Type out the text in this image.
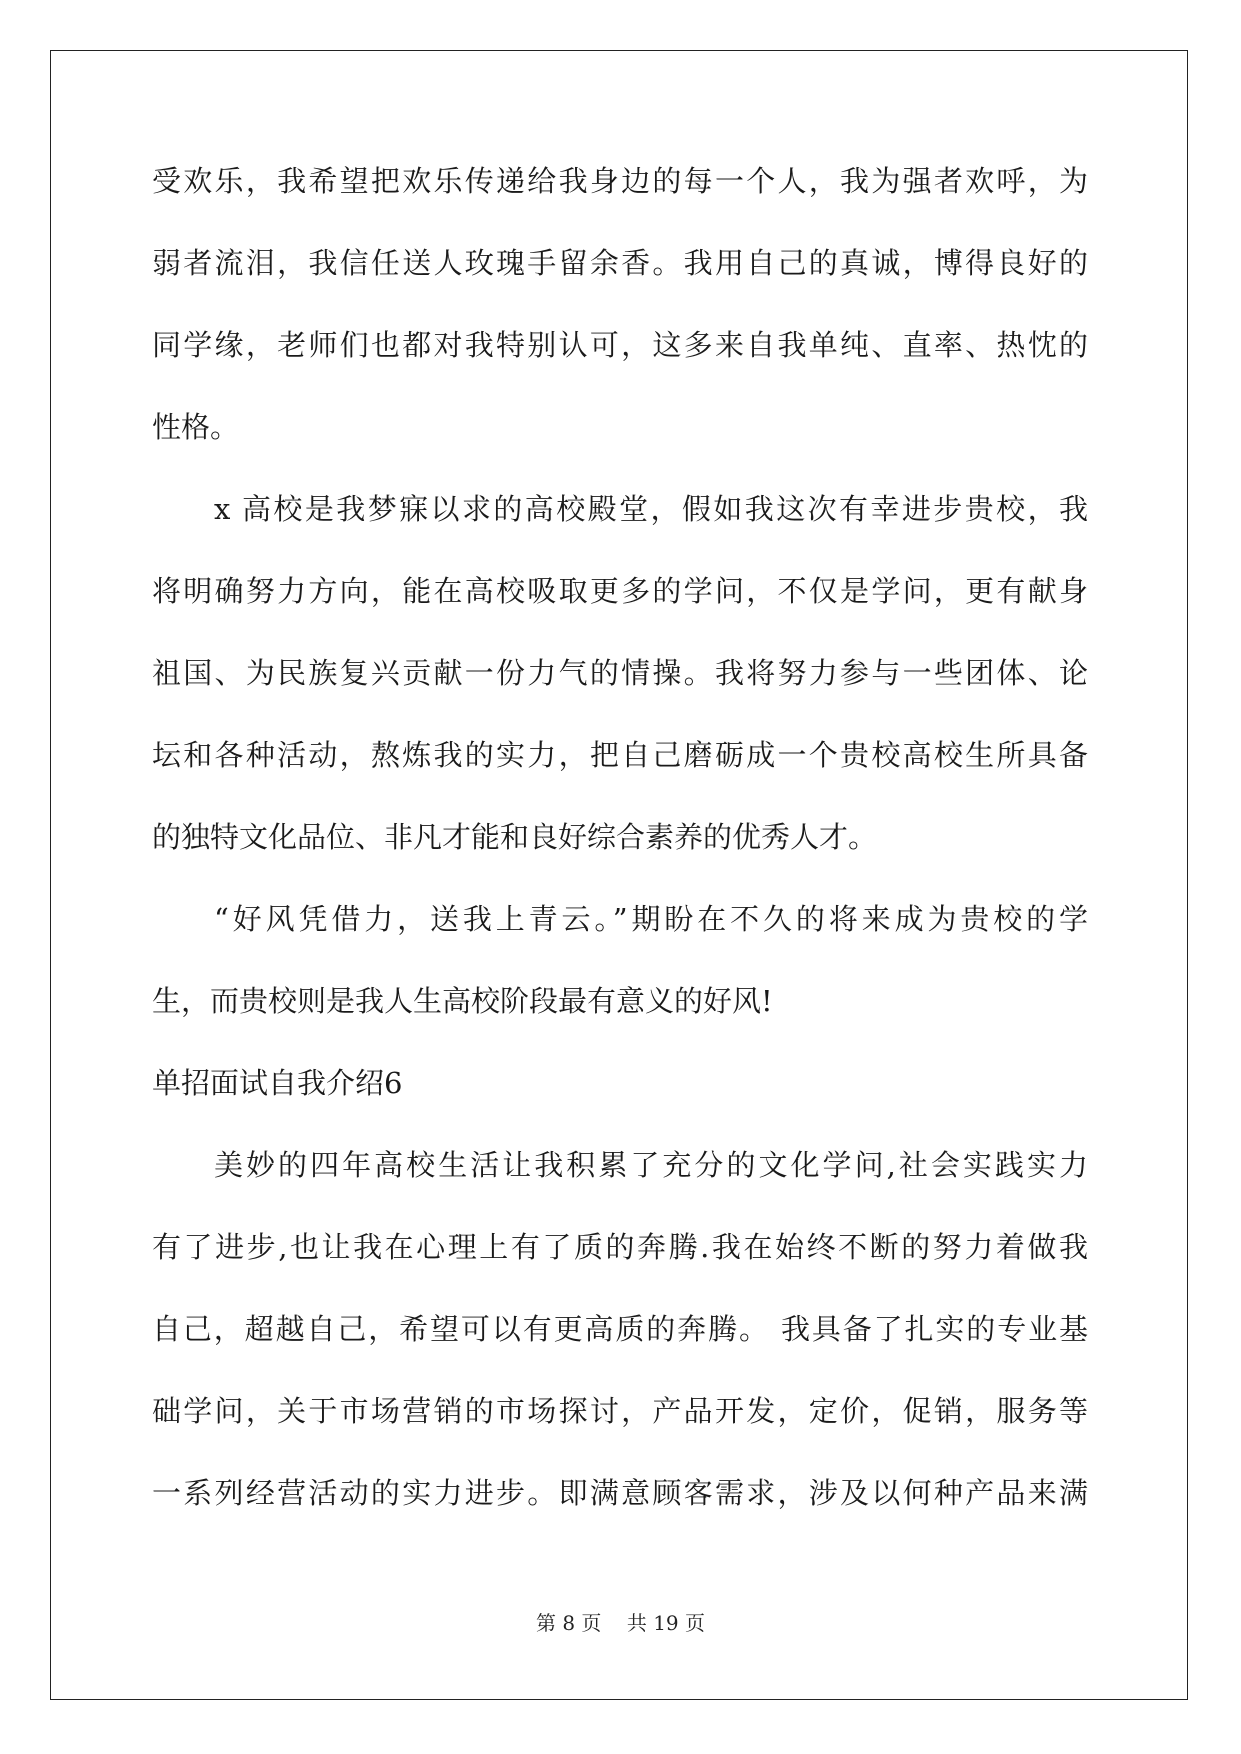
受欢乐，我希望把欢乐传递给我身边的每一个人，我为强者欢呼，为
弱者流泪，我信任送人玫瑰手留余香。我用自己的真诚，博得良好的
同学缘，老师们也都对我特别认可，这多来自我单纯、直率、热忱的
性格。
x 高校是我梦寐以求的高校殿堂，假如我这次有幸进步贵校，我
将明确努力方向，能在高校吸取更多的学问，不仅是学问，更有献身
祖国、为民族复兴贡献一份力气的情操。我将努力参与一些团体、论
坛和各种活动，熬炼我的实力，把自己磨砺成一个贵校高校生所具备
的独特文化品位、非凡才能和良好综合素养的优秀人才。
“好风凭借力，送我上青云。”期盼在不久的将来成为贵校的学
生，而贵校则是我人生高校阶段最有意义的好风!
单招面试自我介绍6
美妙的四年高校生活让我积累了充分的文化学问,社会实践实力
有了进步,也让我在心理上有了质的奔腾.我在始终不断的努力着做我
自己，超越自己，希望可以有更高质的奔腾。 我具备了扎实的专业基
础学问，关于市场营销的市场探讨，产品开发，定价，促销，服务等
一系列经营活动的实力进步。即满意顾客需求，涉及以何种产品来满
第 8 页    共 19 页
